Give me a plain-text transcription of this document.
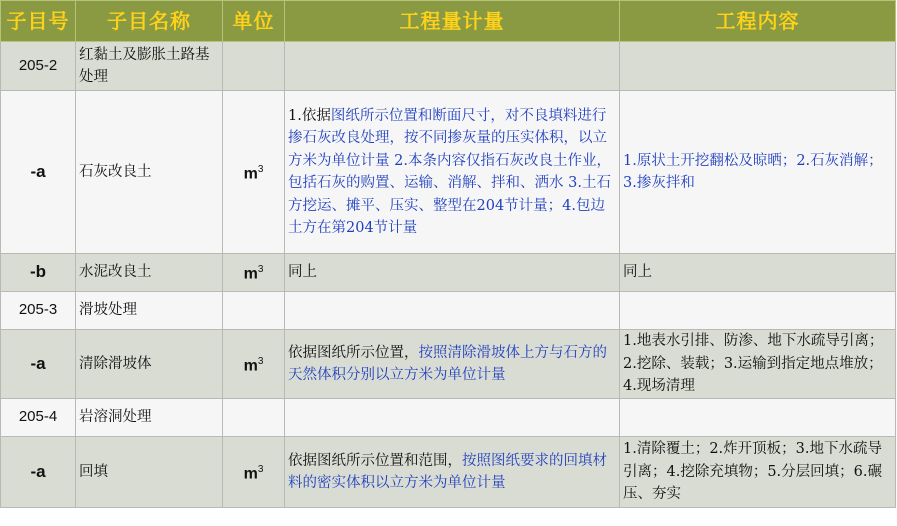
子目号	子目名称	单位	工程量计量	工程内容
205-2	红黏土及膨胀土路基处理			
-a	石灰改良土	$m^3$	1.依据图纸所示位置和断面尺寸，对不良填料进行掺石灰改良处理，按不同掺灰量的压实体积，以立方米为单位计量 2.本条内容仅指石灰改良土作业，包括石灰的购置、运输、消解、拌和、洒水 3.土石方挖运、摊平、压实、整型在204节计量；4.包边土方在第204节计量	1.原状土开挖翻松及晾晒；2.石灰消解；3.掺灰拌和
-b	水泥改良土	$m^3$	同上	同上
205-3	滑坡处理			
-a	清除滑坡体	$m^3$	依据图纸所示位置，按照清除滑坡体上方与石方的天然体积分别以立方米为单位计量	1.地表水引排、防渗、地下水疏导引离；2.挖除、装载；3.运输到指定地点堆放；4.现场清理
205-4	岩溶洞处理			
-a	回填	$m^3$	依据图纸所示位置和范围，按照图纸要求的回填材料的密实体积以立方米为单位计量	1.清除覆土；2.炸开顶板；3.地下水疏导引离；4.挖除充填物；5.分层回填；6.碾压、夯实
